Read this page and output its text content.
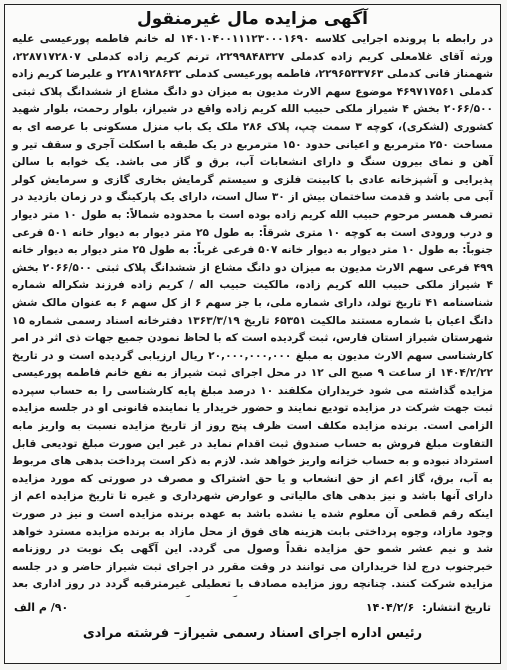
آگهی مزایده مال غیرمنقول
در رابطه با پرونده اجرایی کلاسه ۱۴۰۱۰۴۰۰۱۱۱۲۳۰۰۰۱۶۹۰ له خانم فاطمه پورعیسی علیه ورثه آقای غلامعلی کریم زاده کدملی ۲۲۹۹۸۴۸۳۲۷، ترنم کریم زاده کدملی ۲۲۸۷۱۷۲۸۰۷، شهمناز قانی کدملی ۲۲۹۶۵۳۳۷۶۳، فاطمه پورعیسی کدملی ۲۲۸۱۹۲۸۶۳۲ و علیرضا کریم زاده کدملی ۴۶۹۷۱۷۵۶۱ موضوع سهم الارث مدیون به میزان دو دانگ مشاع از ششدانگ پلاک ثبتی ۲۰۶۶/۵۰۰ بخش ۴ شیراز ملکی حبیب الله کریم زاده واقع در شیراز، بلوار رحمت، بلوار شهید کشوری (لشکری)، کوچه ۳ سمت چپ، پلاک ۲۸۶ ملک یک باب منزل مسکونی با عرصه ای به مساحت ۲۵۰ مترمربع و اعیانی حدود ۱۵۰ مترمربع در یک طبقه با اسکلت آجری و سقف تیر و آهن و نمای بیرون سنگ و دارای انشعابات آب، برق و گاز می باشد. یک خوابه با سالن پذیرایی و آشپزخانه عادی با کابینت فلزی و سیستم گرمایش بخاری گازی و سرمایش کولر آبی می باشد و قدمت ساختمان بیش از ۳۰ سال است، دارای یک پارکینگ و در زمان بازدید در تصرف همسر مرحوم حبیب الله کریم زاده بوده است با محدوده شمالاً: به طول ۱۰ متر دیوار و درب ورودی است به کوچه ۱۰ متری شرقاً: به طول ۲۵ متر دیوار به دیوار خانه ۵۰۱ فرعی جنوباً: به طول ۱۰ متر دیوار به دیوار خانه ۵۰۷ فرعی غرباً: به طول ۲۵ متر دیوار به دیوار خانه ۴۹۹ فرعی سهم الارث مدیون به میزان دو دانگ مشاع از ششدانگ پلاک ثبتی ۲۰۶۶/۵۰۰ بخش ۴ شیراز ملکی حبیب الله کریم زاده، مالکیت حبیب اله / کریم زاده فرزند شکراله شماره شناسنامه ۴۱ تاریخ تولد، دارای شماره ملی، با جز سهم ۶ از کل سهم ۶ به عنوان مالک شش دانگ اعیان با شماره مستند مالکیت ۶۵۳۵۱ تاریخ ۱۳۶۳/۳/۱۹ دفترخانه اسناد رسمی شماره ۱۵ شهرستان شیراز استان فارس، ثبت گردیده است که با لحاظ نمودن جمیع جهات ذی اثر در امر کارشناسی سهم الارث مدیون به مبلغ ۲۰,۰۰۰,۰۰۰,۰۰۰ ریال ارزیابی گردیده است و در تاریخ ۱۴۰۴/۲/۲۲ از ساعت ۹ صبح الی ۱۲ در محل اجرای ثبت شیراز به نفع خانم فاطمه پورعیسی مزایده گذاشته می شود خریداران مکلفند ۱۰ درصد مبلغ پایه کارشناسی را به حساب سپرده ثبت جهت شرکت در مزایده تودیع نمایند و حضور خریدار یا نماینده قانونی او در جلسه مزایده الزامی است. برنده مزایده مکلف است ظرف پنج روز از تاریخ مزایده نسبت به واریز مابه التفاوت مبلغ فروش به حساب صندوق ثبت اقدام نماید در غیر این صورت مبلغ تودیعی قابل استرداد نبوده و به حساب خزانه واریز خواهد شد. لازم به ذکر است پرداخت بدهی های مربوط به آب، برق، گاز اعم از حق انشعاب و یا حق اشتراک و مصرف در صورتی که مورد مزایده دارای آنها باشد و نیز بدهی های مالیاتی و عوارض شهرداری و غیره تا تاریخ مزایده اعم از اینکه رقم قطعی آن معلوم شده یا نشده باشد به عهده برنده مزایده است و نیز در صورت وجود مازاد، وجوه پرداختی بابت هزینه های فوق از محل مازاد به برنده مزایده مسترد خواهد شد و نیم عشر شمو حق مزایده نقداً وصول می گردد. این آگهی یک نوبت در روزنامه خبرجنوب درج لذا خریداران می توانند در وقت مقرر در اجرای ثبت شیراز حاضر و در جلسه مزایده شرکت کنند. چنانچه روز مزایده مصادف با تعطیلی غیرمترقبه گردد در روز اداری بعد
تاریخ انتشار: ۱۴۰۴/۲/۶
۹۰/ م الف
رئیس اداره اجرای اسناد رسمی شیراز– فرشته مرادی
